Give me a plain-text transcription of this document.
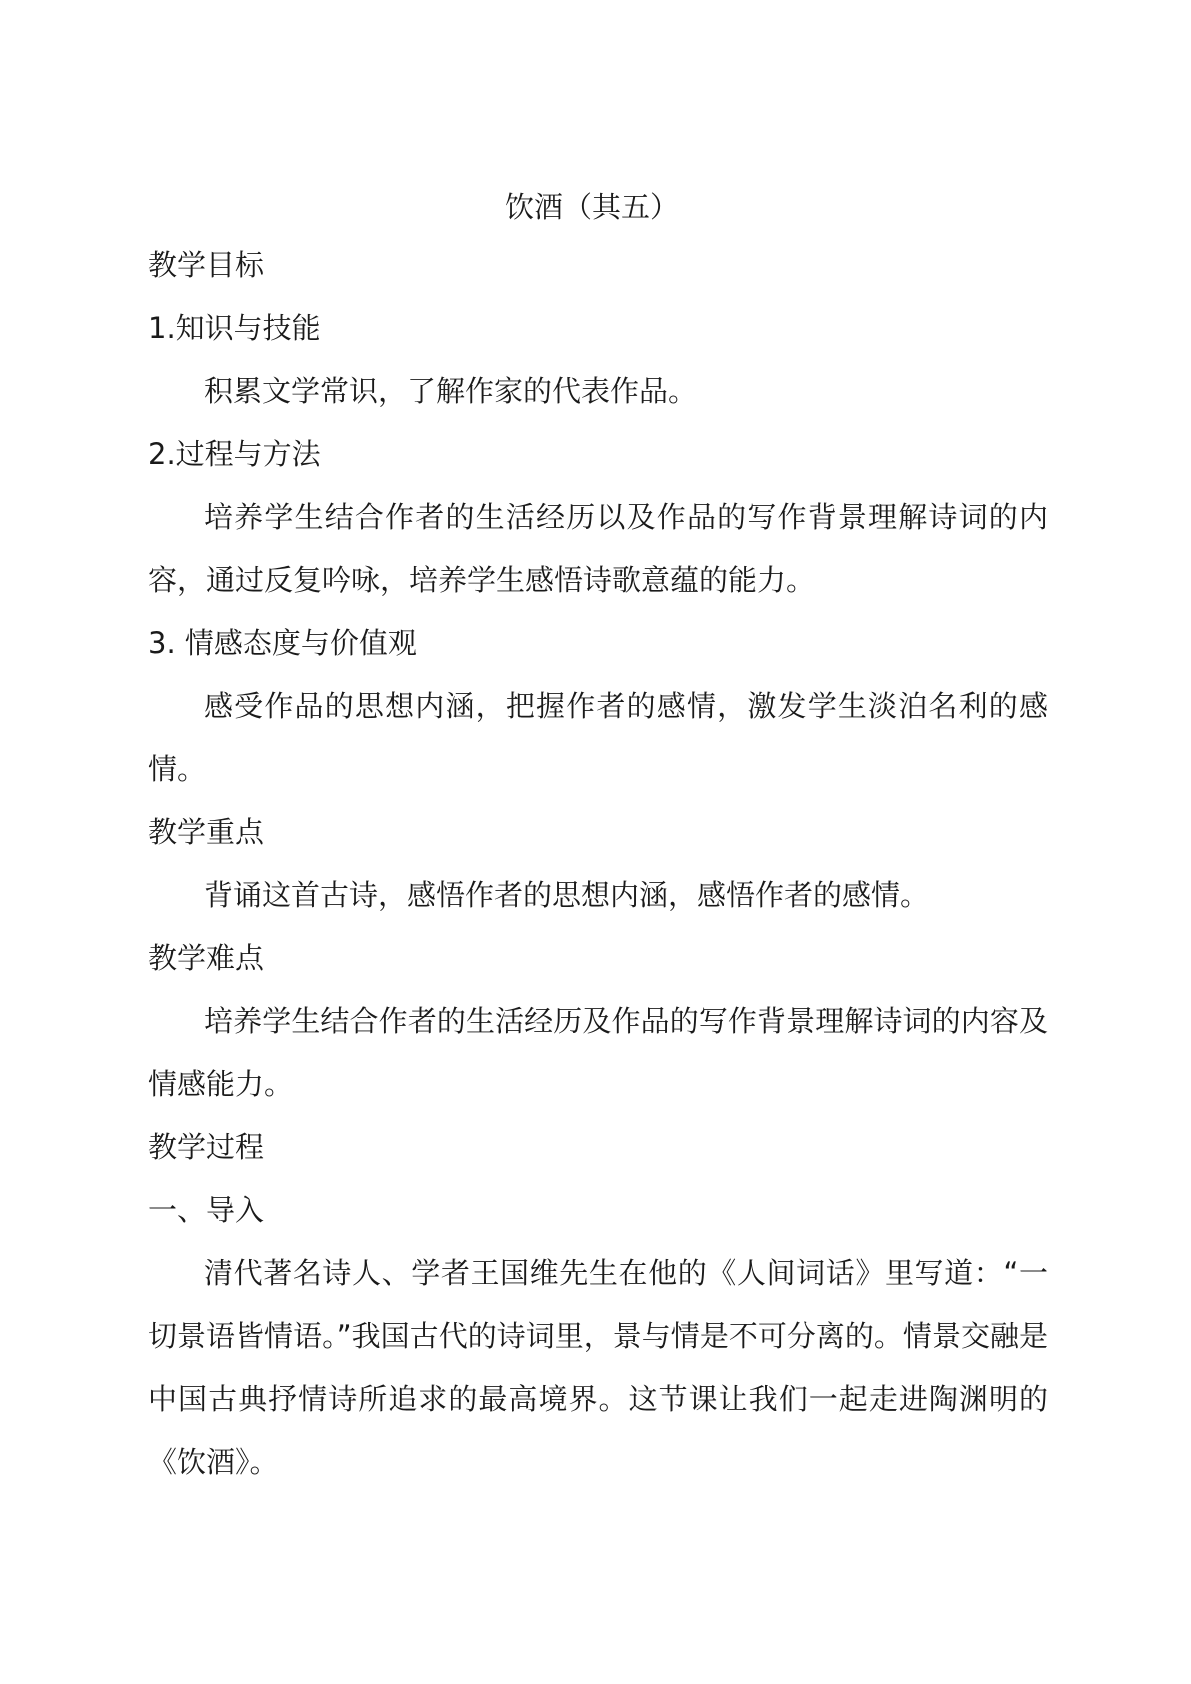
饮酒（其五）

教学目标

1.知识与技能

积累文学常识，了解作家的代表作品。

2.过程与方法

培养学生结合作者的生活经历以及作品的写作背景理解诗词的内容，通过反复吟咏，培养学生感悟诗歌意蕴的能力。

3. 情感态度与价值观

感受作品的思想内涵，把握作者的感情，激发学生淡泊名利的感情。

教学重点

背诵这首古诗，感悟作者的思想内涵，感悟作者的感情。

教学难点

培养学生结合作者的生活经历及作品的写作背景理解诗词的内容及情感能力。

教学过程

一、导入

清代著名诗人、学者王国维先生在他的《人间词话》里写道：“一切景语皆情语。”我国古代的诗词里，景与情是不可分离的。情景交融是中国古典抒情诗所追求的最高境界。这节课让我们一起走进陶渊明的《饮酒》。
